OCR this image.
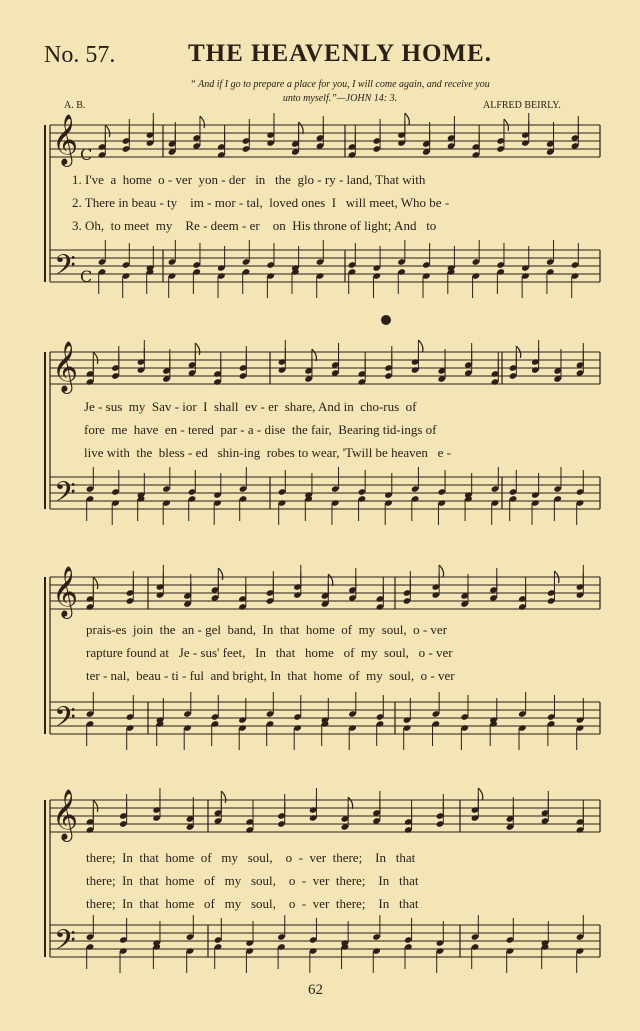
No. 57.	THE HEAVENLY HOME.
“ And if I go to prepare a place for you, I will come again, and receive you
unto myself.”—JOHN 14: 3.
A. B.	ALFRED BEIRLY.
𝄞
𝄢
C
C
𝄞
𝄢
𝄞
𝄢
𝄞
𝄢
1. I've  a  home  o - ver  yon - der   in   the  glo - ry - land, That with
2. There in beau - ty    im - mor - tal,  loved ones  I   will meet, Who be -
3. Oh,  to meet  my    Re - deem - er    on  His throne of light; And   to
Je - sus  my  Sav - ior  I  shall  ev - er  share, And in  cho-rus  of
fore  me  have  en - tered  par - a - dise  the fair,  Bearing tid-ings of
live with  the  bless - ed   shin-ing  robes to wear, 'Twill be heaven   e -
prais-es  join  the  an - gel  band,  In  that  home  of  my  soul,  o - ver
rapture found at   Je - sus' feet,   In   that   home   of  my  soul,   o - ver
ter - nal,  beau - ti - ful  and bright, In  that  home  of  my  soul,  o - ver
there;  In  that  home  of   my   soul,    o  -  ver  there;    In   that
there;  In  that  home   of   my   soul,    o  -  ver  there;    In   that
there;  In  that  home   of   my   soul,    o  -  ver  there;    In   that
62
